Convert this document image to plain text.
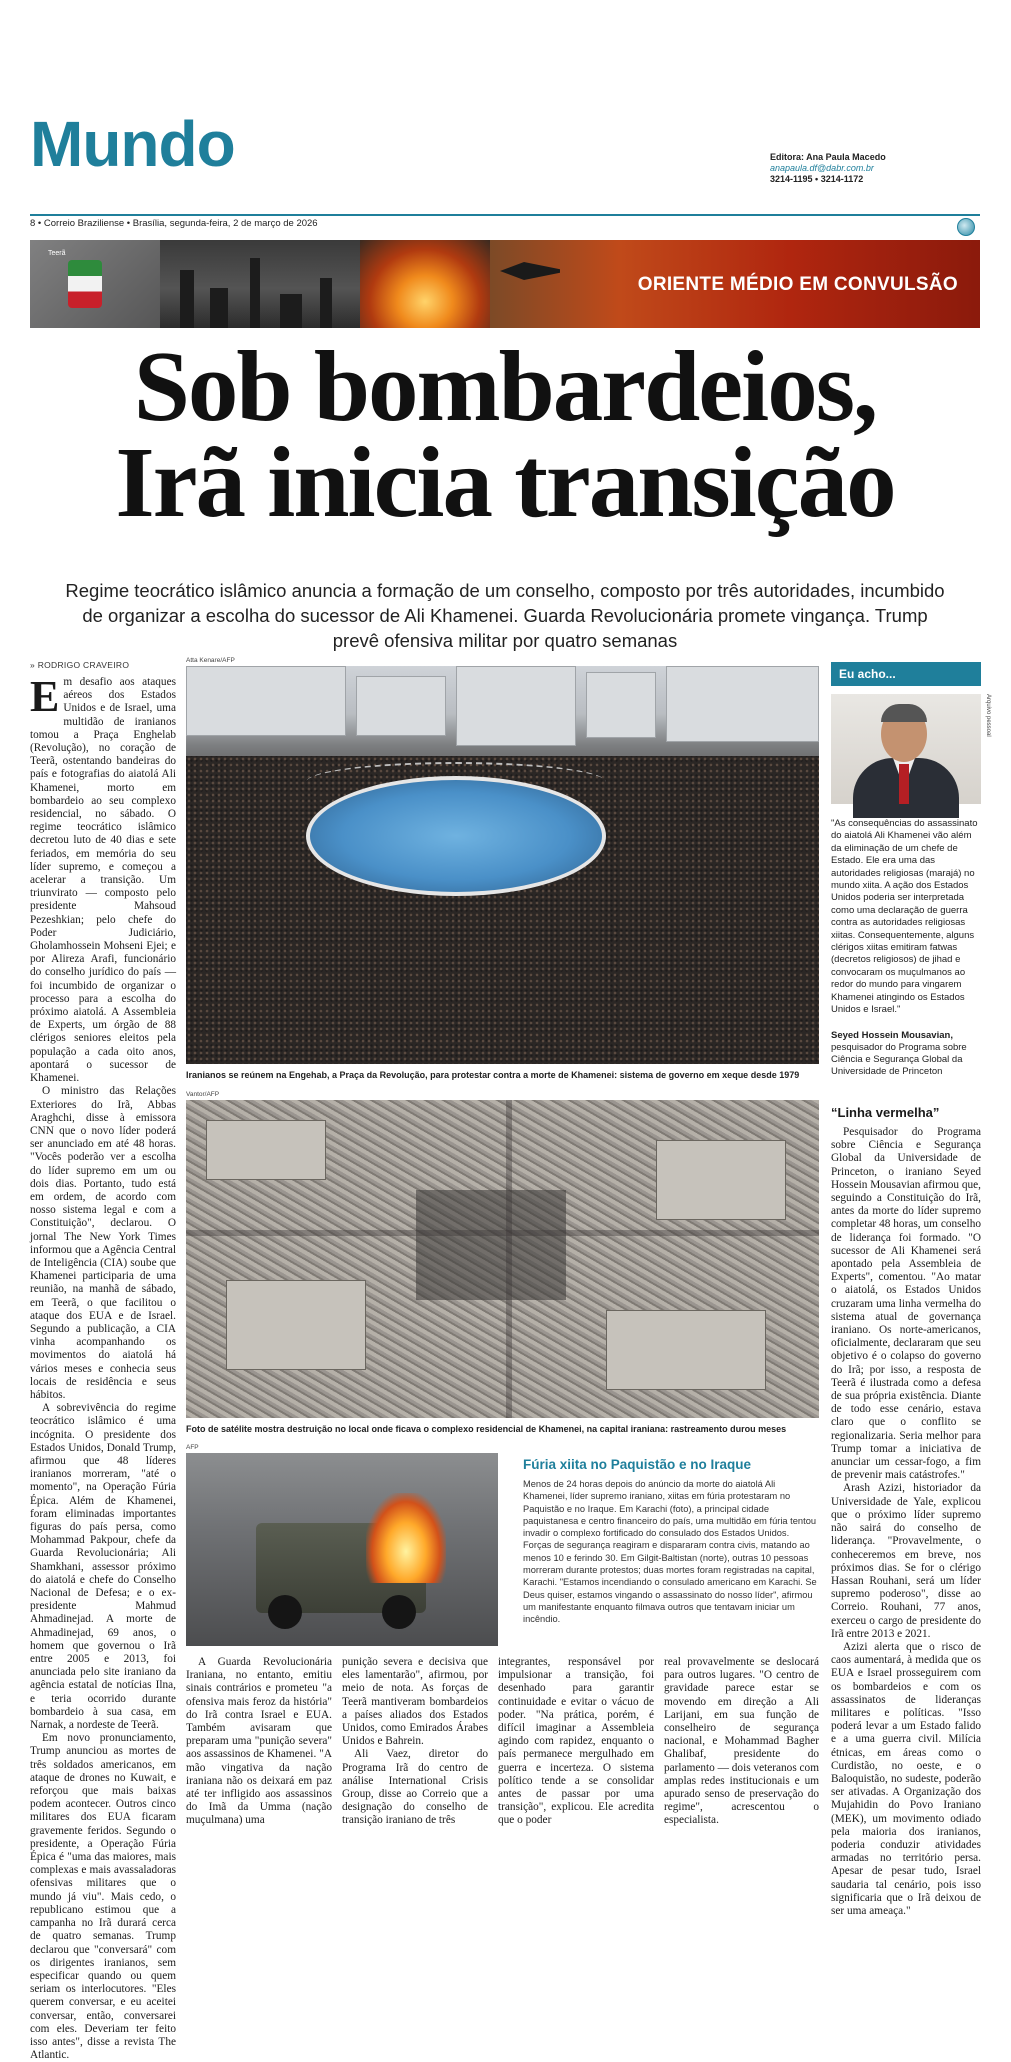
Mundo	Editora: Ana Paula Macedo
anapaula.df@dabr.com.br
3214-1195 • 3214-1172
8 • Correio Braziliense • Brasília, segunda-feira, 2 de março de 2026
Teerã
ORIENTE MÉDIO EM CONVULSÃO
Sob bombardeios,
Irã inicia transição
Regime teocrático islâmico anuncia a formação de um conselho, composto por três autoridades, incumbido de organizar a escolha do sucessor de Ali Khamenei. Guarda Revolucionária promete vingança. Trump prevê ofensiva militar por quatro semanas
» RODRIGO CRAVEIRO
E m desafio aos ataques aéreos dos Estados Unidos e de Israel, uma multidão de iranianos tomou a Praça Enghelab (Revolução), no coração de Teerã, ostentando bandeiras do país e fotografias do aiatolá Ali Khamenei, morto em bombardeio ao seu complexo residencial, no sábado. O regime teocrático islâmico decretou luto de 40 dias e sete feriados, em memória do seu líder supremo, e começou a acelerar a transição. Um triunvirato — composto pelo presidente Mahsoud Pezeshkian; pelo chefe do Poder Judiciário, Gholamhossein Mohseni Ejei; e por Alireza Arafi, funcionário do conselho jurídico do país — foi incumbido de organizar o processo para a escolha do próximo aiatolá. A Assembleia de Experts, um órgão de 88 clérigos seniores eleitos pela população a cada oito anos, apontará o sucessor de Khamenei.

O ministro das Relações Exteriores do Irã, Abbas Araghchi, disse à emissora CNN que o novo líder poderá ser anunciado em até 48 horas. "Vocês poderão ver a escolha do líder supremo em um ou dois dias. Portanto, tudo está em ordem, de acordo com nosso sistema legal e com a Constituição", declarou. O jornal The New York Times informou que a Agência Central de Inteligência (CIA) soube que Khamenei participaria de uma reunião, na manhã de sábado, em Teerã, o que facilitou o ataque dos EUA e de Israel. Segundo a publicação, a CIA vinha acompanhando os movimentos do aiatolá há vários meses e conhecia seus locais de residência e seus hábitos.

A sobrevivência do regime teocrático islâmico é uma incógnita. O presidente dos Estados Unidos, Donald Trump, afirmou que 48 líderes iranianos morreram, "até o momento", na Operação Fúria Épica. Além de Khamenei, foram eliminadas importantes figuras do país persa, como Mohammad Pakpour, chefe da Guarda Revolucionária; Ali Shamkhani, assessor próximo do aiatolá e chefe do Conselho Nacional de Defesa; e o ex-presidente Mahmud Ahmadinejad. A morte de Ahmadinejad, 69 anos, o homem que governou o Irã entre 2005 e 2013, foi anunciada pelo site iraniano da agência estatal de notícias Ilna, e teria ocorrido durante bombardeio à sua casa, em Narnak, a nordeste de Teerã.

Em novo pronunciamento, Trump anunciou as mortes de três soldados americanos, em ataque de drones no Kuwait, e reforçou que mais baixas podem acontecer. Outros cinco militares dos EUA ficaram gravemente feridos. Segundo o presidente, a Operação Fúria Épica é "uma das maiores, mais complexas e mais avassaladoras ofensivas militares que o mundo já viu". Mais cedo, o republicano estimou que a campanha no Irã durará cerca de quatro semanas. Trump declarou que "conversará" com os dirigentes iranianos, sem especificar quando ou quem seriam os interlocutores. "Eles querem conversar, e eu aceitei conversar, então, conversarei com eles. Deveriam ter feito isso antes", disse a revista The Atlantic.

Atta Kenare/AFP
Iranianos se reúnem na Engehab, a Praça da Revolução, para protestar contra a morte de Khamenei: sistema de governo em xeque desde 1979
Vantor/AFP
Foto de satélite mostra destruição no local onde ficava o complexo residencial de Khamenei, na capital iraniana: rastreamento durou meses
AFP
Fúria xiita no Paquistão e no Iraque
Menos de 24 horas depois do anúncio da morte do aiatolá Ali Khamenei, líder supremo iraniano, xiitas em fúria protestaram no Paquistão e no Iraque. Em Karachi (foto), a principal cidade paquistanesa e centro financeiro do país, uma multidão em fúria tentou invadir o complexo fortificado do consulado dos Estados Unidos. Forças de segurança reagiram e dispararam contra civis, matando ao menos 10 e ferindo 30. Em Gilgit-Baltistan (norte), outras 10 pessoas morreram durante protestos; duas mortes foram registradas na capital, Karachi. "Estamos incendiando o consulado americano em Karachi. Se Deus quiser, estamos vingando o assassinato do nosso líder", afirmou um manifestante enquanto filmava outros que tentavam iniciar um incêndio.

A Guarda Revolucionária Iraniana, no entanto, emitiu sinais contrários e prometeu "a ofensiva mais feroz da história" do Irã contra Israel e EUA. Também avisaram que preparam uma "punição severa" aos assassinos de Khamenei. "A mão vingativa da nação iraniana não os deixará em paz até ter infligido aos assassinos do Imã da Umma (nação muçulmana) uma

punição severa e decisiva que eles lamentarão", afirmou, por meio de nota. As forças de Teerã mantiveram bombardeios a países aliados dos Estados Unidos, como Emirados Árabes Unidos e Bahrein.

Ali Vaez, diretor do Programa Irã do centro de análise International Crisis Group, disse ao Correio que a designação do conselho de transição iraniano de três

integrantes, responsável por impulsionar a transição, foi desenhado para garantir continuidade e evitar o vácuo de poder. "Na prática, porém, é difícil imaginar a Assembleia agindo com rapidez, enquanto o país permanece mergulhado em guerra e incerteza. O sistema político tende a se consolidar antes de passar por uma transição", explicou. Ele acredita que o poder

real provavelmente se deslocará para outros lugares. "O centro de gravidade parece estar se movendo em direção a Ali Larijani, em sua função de conselheiro de segurança nacional, e Mohammad Bagher Ghalibaf, presidente do parlamento — dois veteranos com amplas redes institucionais e um apurado senso de preservação do regime", acrescentou o especialista.

Eu acho...
Arquivo pessoal
"As consequências do assassinato do aiatolá Ali Khamenei vão além da eliminação de um chefe de Estado. Ele era uma das autoridades religiosas (marajá) no mundo xiita. A ação dos Estados Unidos poderia ser interpretada como uma declaração de guerra contra as autoridades religiosas xiitas. Consequentemente, alguns clérigos xiitas emitiram fatwas (decretos religiosos) de jihad e convocaram os muçulmanos ao redor do mundo para vingarem Khamenei atingindo os Estados Unidos e Israel."
Seyed Hossein Mousavian,
pesquisador do Programa sobre Ciência e Segurança Global da Universidade de Princeton
“Linha vermelha”

Pesquisador do Programa sobre Ciência e Segurança Global da Universidade de Princeton, o iraniano Seyed Hossein Mousavian afirmou que, seguindo a Constituição do Irã, antes da morte do líder supremo completar 48 horas, um conselho de liderança foi formado. "O sucessor de Ali Khamenei será apontado pela Assembleia de Experts", comentou. "Ao matar o aiatolá, os Estados Unidos cruzaram uma linha vermelha do sistema atual de governança iraniano. Os norte-americanos, oficialmente, declararam que seu objetivo é o colapso do governo do Irã; por isso, a resposta de Teerã é ilustrada como a defesa de sua própria existência. Diante de todo esse cenário, estava claro que o conflito se regionalizaria. Seria melhor para Trump tomar a iniciativa de anunciar um cessar-fogo, a fim de prevenir mais catástrofes."

Arash Azizi, historiador da Universidade de Yale, explicou que o próximo líder supremo não sairá do conselho de liderança. "Provavelmente, o conheceremos em breve, nos próximos dias. Se for o clérigo Hassan Rouhani, será um líder supremo poderoso", disse ao Correio. Rouhani, 77 anos, exerceu o cargo de presidente do Irã entre 2013 e 2021.

Azizi alerta que o risco de caos aumentará, à medida que os EUA e Israel prosseguirem com os bombardeios e com os assassinatos de lideranças militares e políticas. "Isso poderá levar a um Estado falido e a uma guerra civil. Milícia étnicas, em áreas como o Curdistão, no oeste, e o Baloquistão, no sudeste, poderão ser ativadas. A Organização dos Mujahidin do Povo Iraniano (MEK), um movimento odiado pela maioria dos iranianos, poderia conduzir atividades armadas no território persa. Apesar de pesar tudo, Israel saudaria tal cenário, pois isso significaria que o Irã deixou de ser uma ameaça."
